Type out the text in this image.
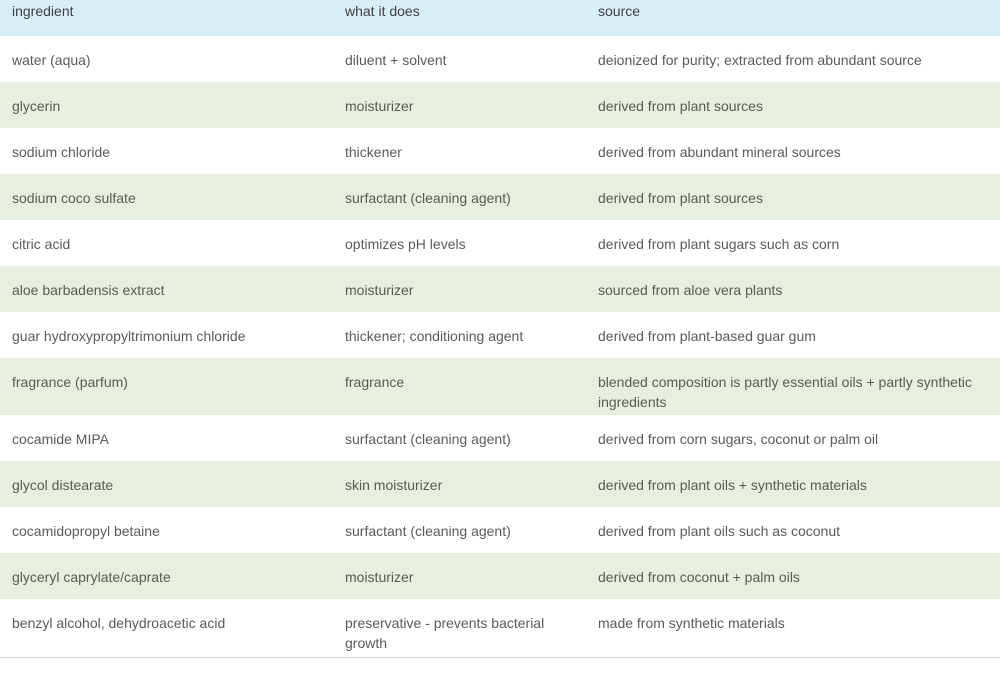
ingredient	what it does	source
water (aqua)	diluent + solvent	deionized for purity; extracted from abundant source
glycerin	moisturizer	derived from plant sources
sodium chloride	thickener	derived from abundant mineral sources
sodium coco sulfate	surfactant (cleaning agent)	derived from plant sources
citric acid	optimizes pH levels	derived from plant sugars such as corn
aloe barbadensis extract	moisturizer	sourced from aloe vera plants
guar hydroxypropyltrimonium chloride	thickener; conditioning agent	derived from plant-based guar gum
fragrance (parfum)	fragrance	blended composition is partly essential oils + partly synthetic ingredients
cocamide MIPA	surfactant (cleaning agent)	derived from corn sugars, coconut or palm oil
glycol distearate	skin moisturizer	derived from plant oils + synthetic materials
cocamidopropyl betaine	surfactant (cleaning agent)	derived from plant oils such as coconut
glyceryl caprylate/caprate	moisturizer	derived from coconut + palm oils
benzyl alcohol, dehydroacetic acid	preservative - prevents bacterial growth	made from synthetic materials
